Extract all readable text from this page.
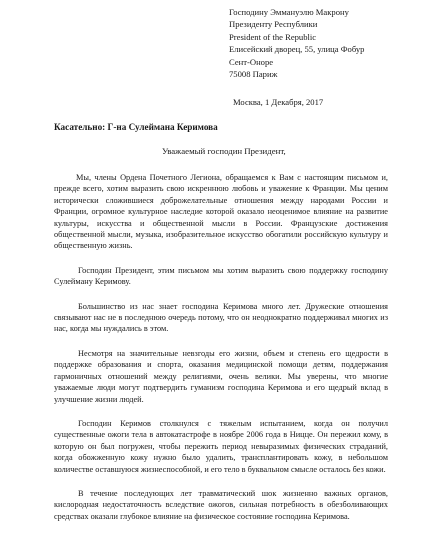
Господину Эммануэлю Макрону
Президенту Республики
President of the Republic
Елисейский дворец, 55, улица Фобур
Сент-Оноре
75008 Париж
Москва, 1 Декабря, 2017
Касательно: Г-на Сулеймана Керимова
Уважаемый господин Президент,

Мы, члены Ордена Почетного Легиона, обращаемся к Вам с настоящим письмом и, прежде всего, хотим выразить свою искреннюю любовь и уважение к Франции. Мы ценим исторически сложившиеся доброжелательные отношения между народами России и Франции, огромное культурное наследие которой оказало неоценимое влияние на развитие культуры, искусства и общественной мысли в России. Французские достижения общественной мысли, музыка, изобразительное искусство обогатили российскую культуру и общественную жизнь.

Господин Президент, этим письмом мы хотим выразить свою поддержку господину Сулейману Керимову.

Большинство из нас знает господина Керимова много лет. Дружеские отношения связывают нас не в последнюю очередь потому, что он неоднократно поддерживал многих из нас, когда мы нуждались в этом.

Несмотря на значительные невзгоды его жизни, объем и степень его щедрости в поддержке образования и спорта, оказания медицинской помощи детям, поддержания гармоничных отношений между религиями, очень велики. Мы уверены, что многие уважаемые люди могут подтвердить гуманизм господина Керимова и его щедрый вклад в улучшение жизни людей.

Господин Керимов столкнулся с тяжелым испытанием, когда он получил существенные ожоги тела в автокатастрофе в ноябре 2006 года в Ницце. Он пережил кому, в которую он был погружен, чтобы пережить период невыразимых физических страданий, когда обожженную кожу нужно было удалить, трансплантировать кожу, в небольшом количестве оставшуюся жизнеспособной, и его тело в буквальном смысле осталось без кожи.

В течение последующих лет травматический шок жизненно важных органов, кислородная недостаточность вследствие ожогов, сильная потребность в обезболивающих средствах оказали глубокое влияние на физическое состояние господина Керимова.
